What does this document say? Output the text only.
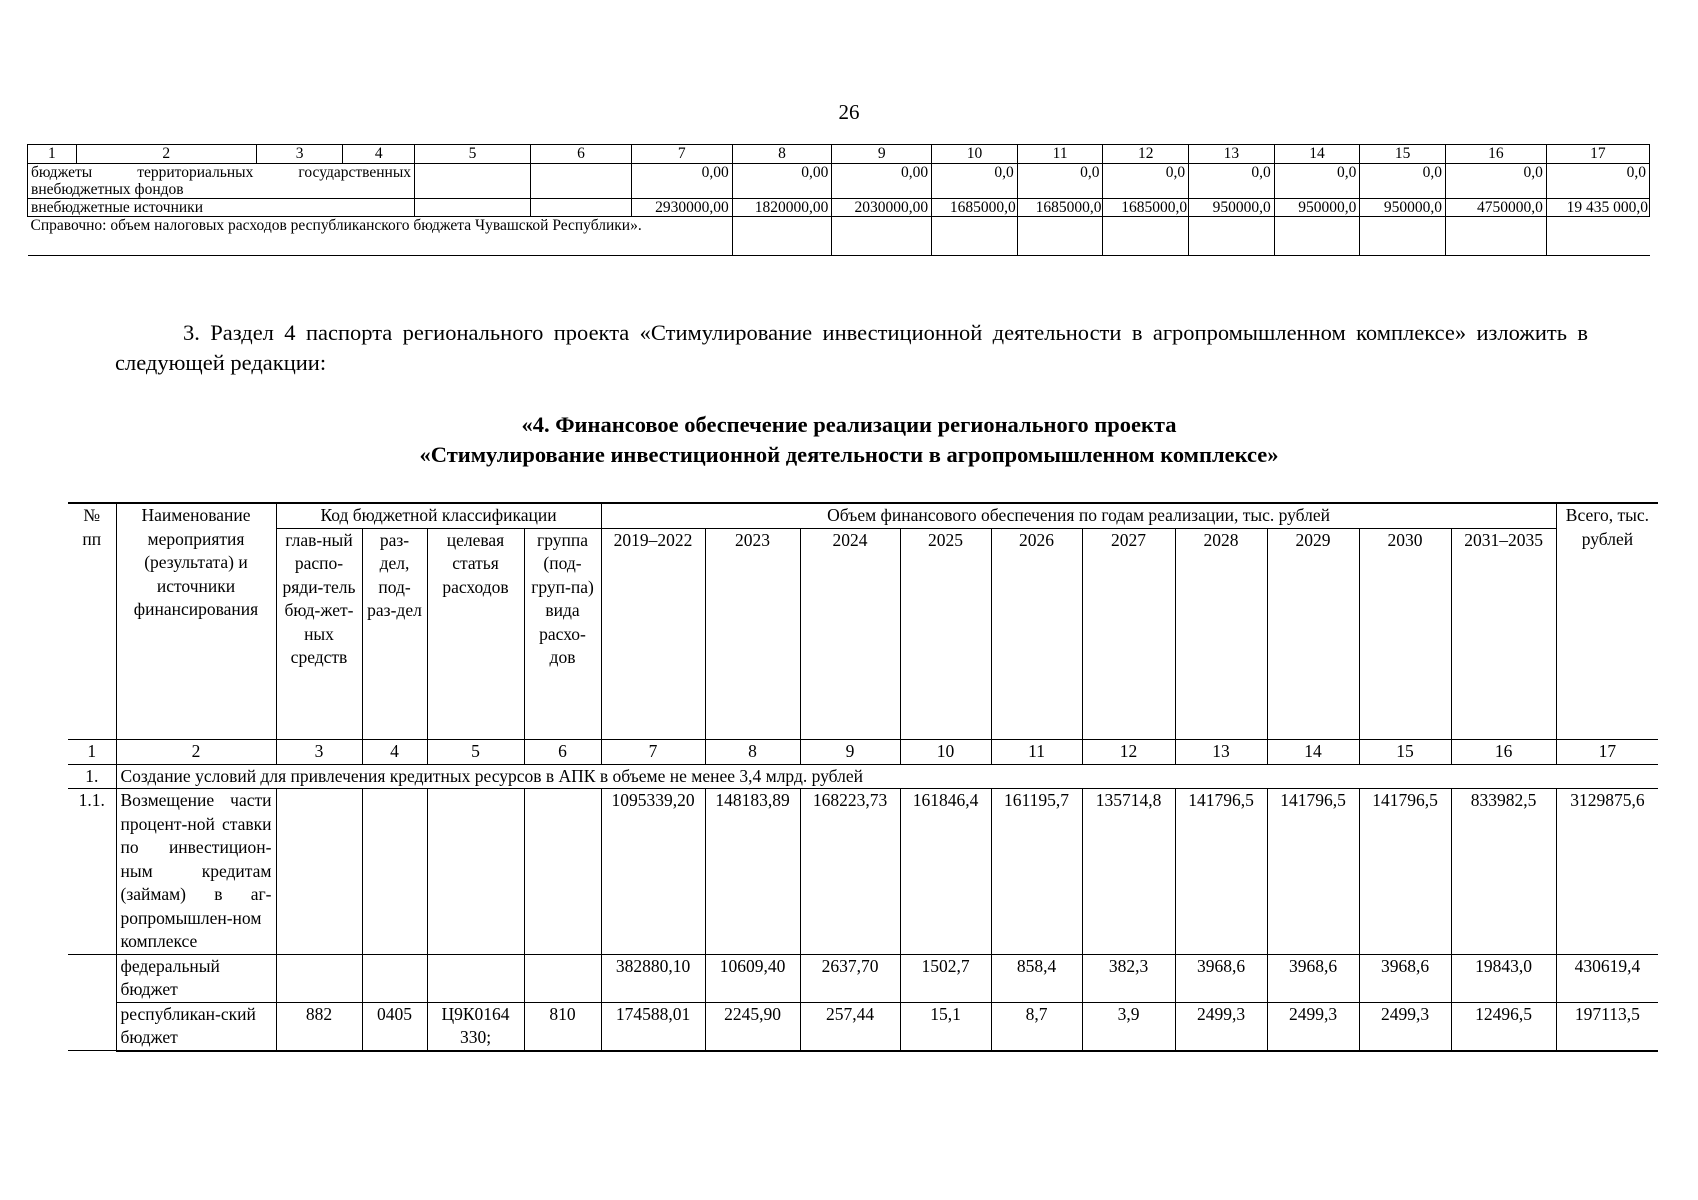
26
1	2	3	4	5	6	7	8	9	10	11	12	13	14	15	16	17
бюджеты территориальных государственных внебюджетных фондов						0,00	0,00	0,00	0,0	0,0	0,0	0,0	0,0	0,0	0,0	0,0
внебюджетные источники						2930000,00	1820000,00	2030000,00	1685000,0	1685000,0	1685000,0	950000,0	950000,0	950000,0	4750000,0	19 435 000,0
Справочно: объем налоговых расходов республиканского бюджета Чувашской Республики».																
3. Раздел 4 паспорта регионального проекта «Стимулирование инвестиционной деятельности в агропромышленном комплексе» изложить в следующей редакции:
«4. Финансовое обеспечение реализации регионального проекта
«Стимулирование инвестиционной деятельности в агропромышленном комплексе»
№ пп	Наименование мероприятия (результата) и источники финансирования	Код бюджетной классификации				Объем финансового обеспечения по годам реализации, тыс. рублей										Всего, тыс. рублей
		глав-ный распо-ряди-тель бюд-жет-ных средств	раз-дел, под-раз-дел	целевая статья расходов	группа (под-груп-па) вида расхо-дов	2019–2022	2023	2024	2025	2026	2027	2028	2029	2030	2031–2035	
1	2	3	4	5	6	7	8	9	10	11	12	13	14	15	16	17
1.	Создание условий для привлечения кредитных ресурсов в АПК в объеме не менее 3,4 млрд. рублей															
1.1.	Возмещение части процент-ной ставки по инвестицион-ным кредитам (займам) в аг-ропромышлен-ном комплексе					1095339,20	148183,89	168223,73	161846,4	161195,7	135714,8	141796,5	141796,5	141796,5	833982,5	3129875,6
	федеральный бюджет					382880,10	10609,40	2637,70	1502,7	858,4	382,3	3968,6	3968,6	3968,6	19843,0	430619,4
	республикан-ский бюджет	882	0405	Ц9К0164 330;	810	174588,01	2245,90	257,44	15,1	8,7	3,9	2499,3	2499,3	2499,3	12496,5	197113,5
